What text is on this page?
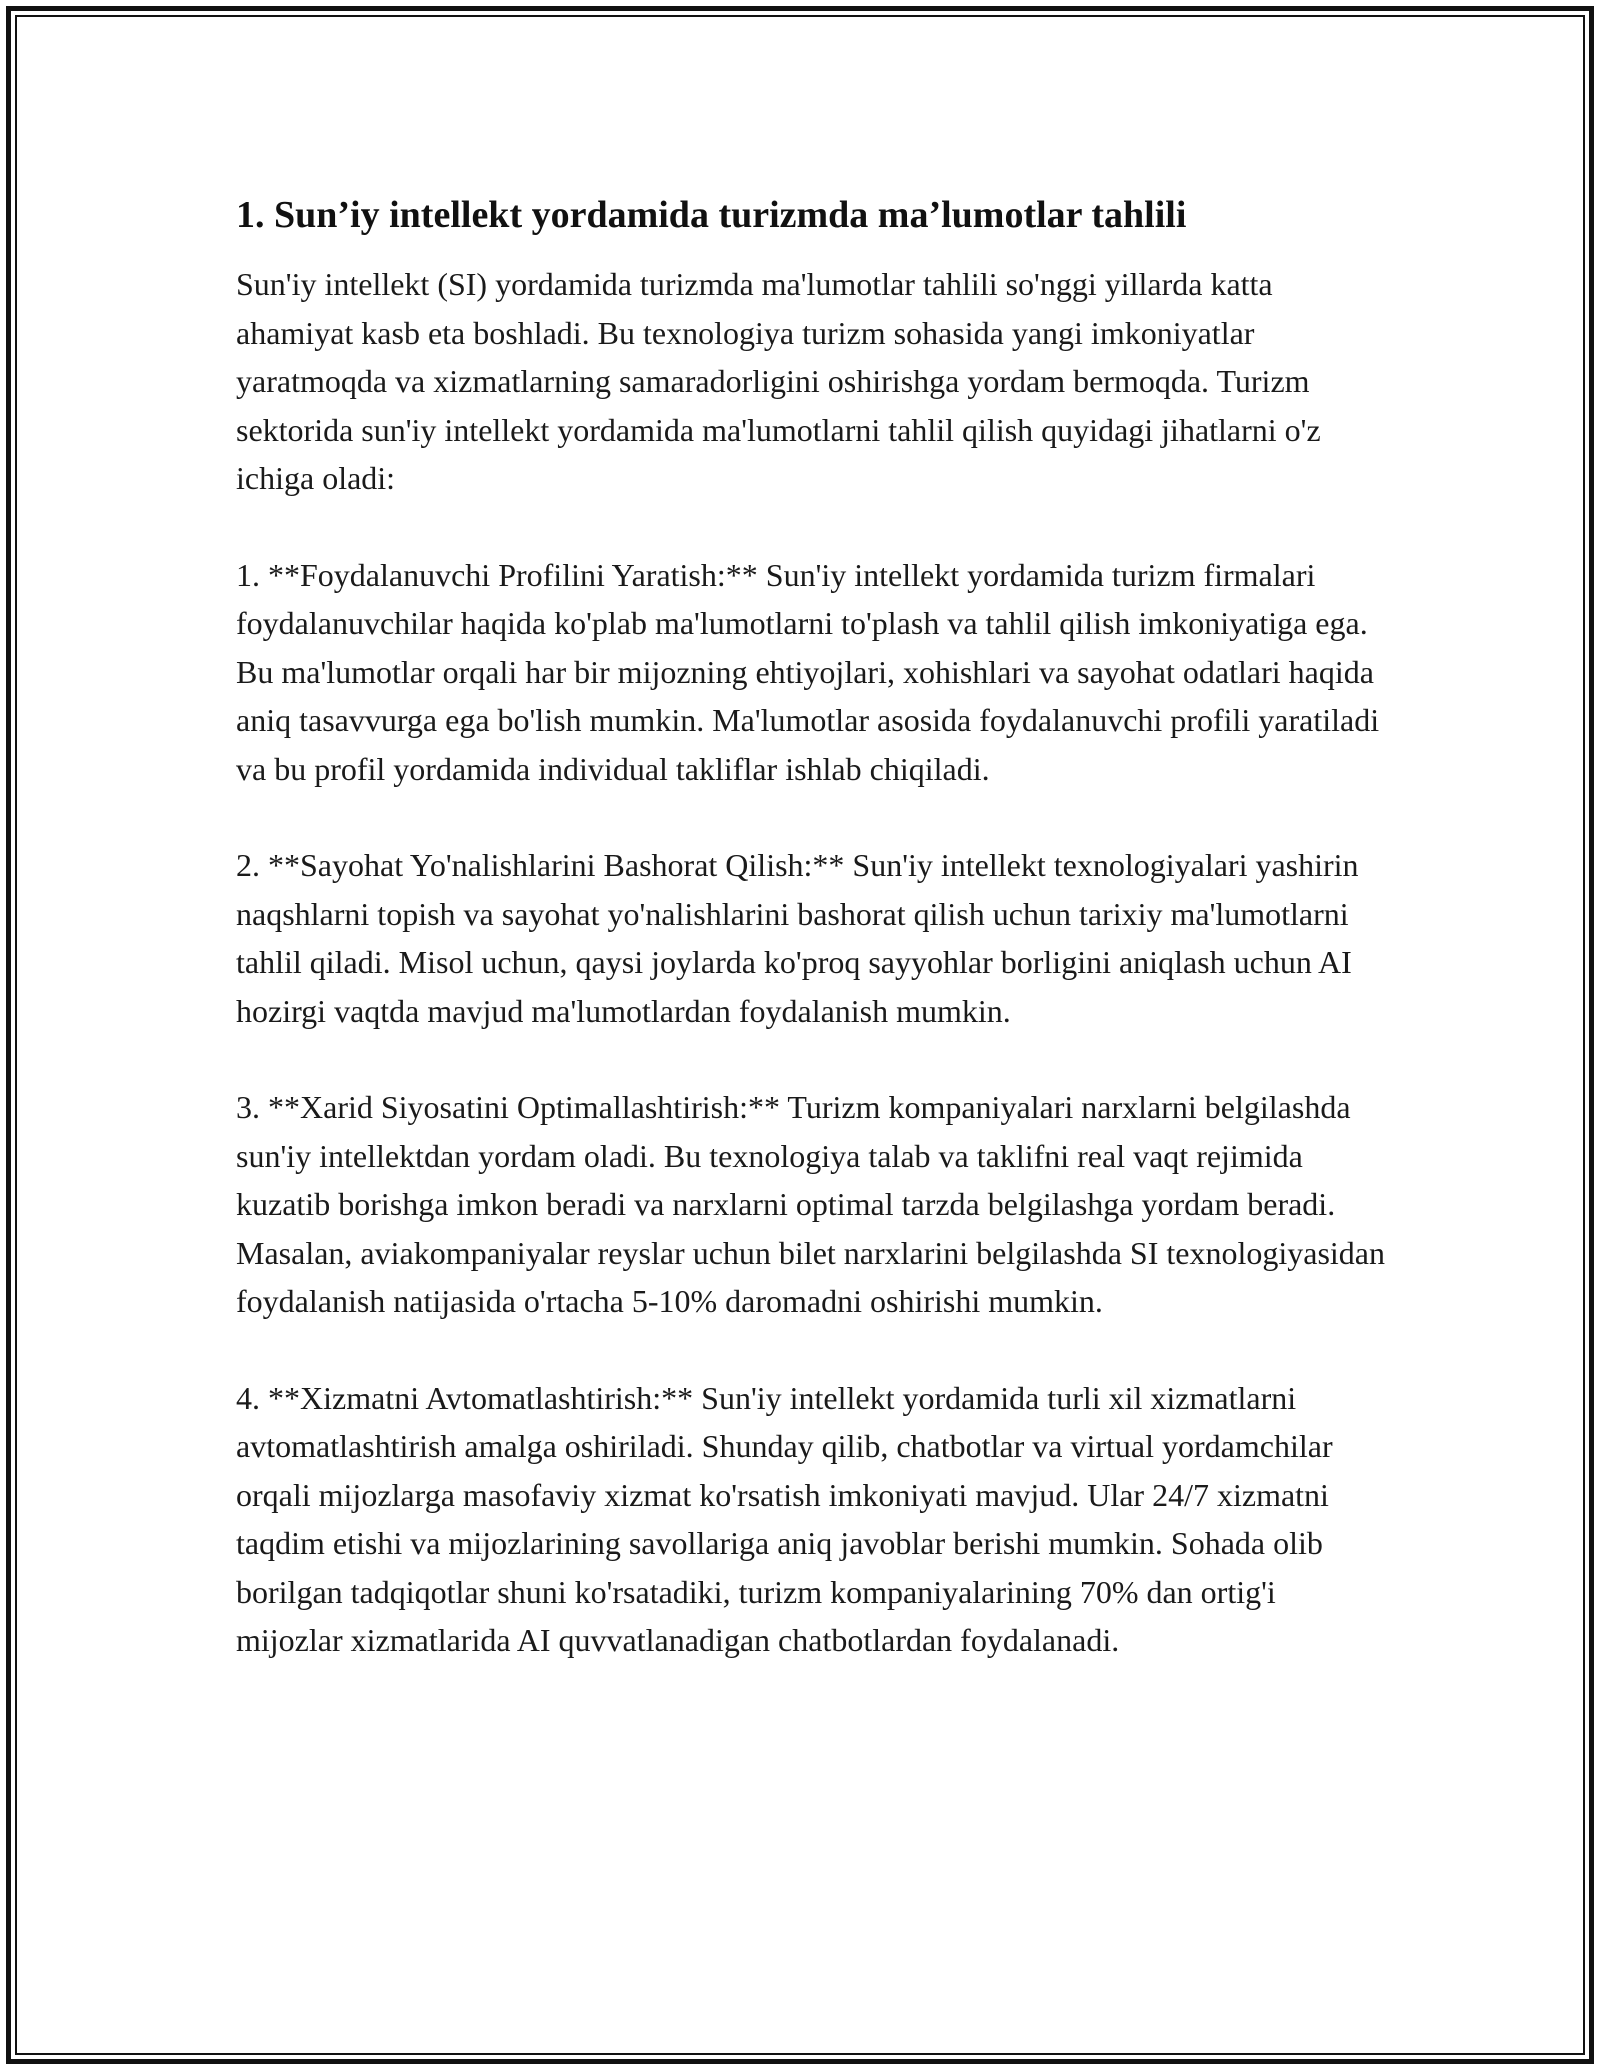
1. Sun’iy intellekt yordamida turizmda ma’lumotlar tahlili

Sun'iy intellekt (SI) yordamida turizmda ma'lumotlar tahlili so'nggi yillarda katta ahamiyat kasb eta boshladi. Bu texnologiya turizm sohasida yangi imkoniyatlar yaratmoqda va xizmatlarning samaradorligini oshirishga yordam bermoqda. Turizm sektorida sun'iy intellekt yordamida ma'lumotlarni tahlil qilish quyidagi jihatlarni o'z ichiga oladi:

1. **Foydalanuvchi Profilini Yaratish:** Sun'iy intellekt yordamida turizm firmalari foydalanuvchilar haqida ko'plab ma'lumotlarni to'plash va tahlil qilish imkoniyatiga ega. Bu ma'lumotlar orqali har bir mijozning ehtiyojlari, xohishlari va sayohat odatlari haqida aniq tasavvurga ega bo'lish mumkin. Ma'lumotlar asosida foydalanuvchi profili yaratiladi va bu profil yordamida individual takliflar ishlab chiqiladi.

2. **Sayohat Yo'nalishlarini Bashorat Qilish:** Sun'iy intellekt texnologiyalari yashirin naqshlarni topish va sayohat yo'nalishlarini bashorat qilish uchun tarixiy ma'lumotlarni tahlil qiladi. Misol uchun, qaysi joylarda ko'proq sayyohlar borligini aniqlash uchun AI hozirgi vaqtda mavjud ma'lumotlardan foydalanish mumkin.

3. **Xarid Siyosatini Optimallashtirish:** Turizm kompaniyalari narxlarni belgilashda sun'iy intellektdan yordam oladi. Bu texnologiya talab va taklifni real vaqt rejimida kuzatib borishga imkon beradi va narxlarni optimal tarzda belgilashga yordam beradi. Masalan, aviakompaniyalar reyslar uchun bilet narxlarini belgilashda SI texnologiyasidan foydalanish natijasida o'rtacha 5-10% daromadni oshirishi mumkin.

4. **Xizmatni Avtomatlashtirish:** Sun'iy intellekt yordamida turli xil xizmatlarni avtomatlashtirish amalga oshiriladi. Shunday qilib, chatbotlar va virtual yordamchilar orqali mijozlarga masofaviy xizmat ko'rsatish imkoniyati mavjud. Ular 24/7 xizmatni taqdim etishi va mijozlarining savollariga aniq javoblar berishi mumkin. Sohada olib borilgan tadqiqotlar shuni ko'rsatadiki, turizm kompaniyalarining 70% dan ortig'i mijozlar xizmatlarida AI quvvatlanadigan chatbotlardan foydalanadi.
